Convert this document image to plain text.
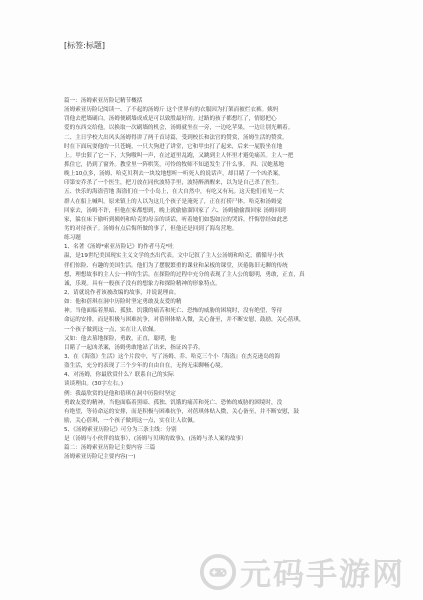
[标签:标题]
篇一：汤姆索亚历险记精节概括
汤姆索亚历险记阅读一、了不起的汤姆斤 这个世界有的衣服因为打架而被烂衣裤。姨妈
罚他去把墙刷白，汤姆便刷墙成成是可以致殷最好的。过路的孩子都想红了，情愿把心
爱的东西交给他，以换取一次刷墙的机会，汤姆就坐在一旁，一边吃苹果，一边让别光晒着。
二、主日学校大出风头汤姆得讲了两千首诗篇，受到校长和法官的赞赏，汤姆生活的赞赏。
时在下面玩耍他的一只苍蝇，一只大狗进了讲堂，它和甲虫打了起来，后来一屁股坐在地
上。甲虫狠了它一下，大狗嗷叫一声，在过道里乱跑，又跳到主人怀里才避免痛苦。主人一把
抓住它，扔到了窗外。教堂里一阵哄笑，可怜的牧师不知道发生了什么事。 四、汉她墓地
晚上10点多，汤姆、哈克贝利去一块坟地想听一听死人的说话声，却目睹了一个凶杀案，
印第安乔杀了一个医生，把刀放在同伙波特手里，波特醉酒醒来，以为是自己杀了医生。
五、快乐的海盗营地 海盗们在一个小岛上，在大自然中，有吃又有玩。这天他们看见一大
群人在船上喊叫，原来镇上的人以为这几个孩子是淹死了，正在打捞尸体。哈克和汤姆觉
回家去，汤姆不许，但他在家都想到，晚上就偷偷溜回家了 六、汤姆偷偷溜回家 汤姆回到
家，躲在床下偷听到姨妈和哈克的母亲的谈话，听着她们如怨如泣的哭诉，忏悔曾经如此恶
劣的对待孩子。汤姆有点后悔所做的事了，但他还是回到了海岛营地。
练习题
1、名著《汤姆*索亚历险记》的作者马克*吐
温，是19世纪美国现实主义文学的杰出代表。文中记叙了主人公汤姆和哈克，循循导小伙
伴们惊险、有趣的美国生活。他们为了摆脱繁重的课业和呆板的课堂，厌倦陈旧无聊的传统
想，理想故事的主人公一样的生活。在探险的过程中充分的表现了主人公的聪明，勇敢，正直，真
诚，乐观。具有一般孩子没有的想象力和探险精神的形象特点。
2、请就说作者该被改编的故事，并说说理由。
如：他和蓓琪在洞中历险时坚定勇敢及友爱的精
神。当他面临着黑暗、孤独、饥饿的痛苦和死亡、恐怖的威胁的困境时，没有绝望，等待
命运的安排，而是积极与困难抗争，对蓓琪体贴入微，关心备至，并不断安慰，鼓励，关心蓓琪，
一个孩子做到这一点，实在让人钦佩。
又如：他去墓地探险，勇敢，正直，聪明，他
目睹了一起凶杀案，汤姆勇敢地站了出来，指证凶手乔。
3、在《海盗》生活》这个片段中，写了汤姆、乔、哈克三个小『海盗』在杰克逊岛的海
盗生活，充分的表现了三个少年的自由自在，无拘无束聊畅心境。
4、对汤姆，你最欣赏什么？联系自己的实际
谈谈理由。(30字左右。)
例：我最欣赏的是他和蓓琪在洞中历险时坚定
勇敢友爱的精神，当他面临着黑暗、孤独、饥饿的痛苦和死亡、恐怖的威胁的困境时，没
有绝望，等待命运的安排，而是积极与困难抗争，对蓓琪体贴入微，关心备至，并不断安慰，鼓
励，关心蓓琪，一个孩子做到这一点，实在让人钦佩。
5、《汤姆索亚历险记》可分为三条主线：分别
是（汤姆与小伙伴的故事），(汤姆与贝琪的故事)，(汤姆与杀人案的故事）
篇二：汤姆索亚历险记主要内容 三篇
汤姆索亚历险记主要内容(一)
元码手游网
